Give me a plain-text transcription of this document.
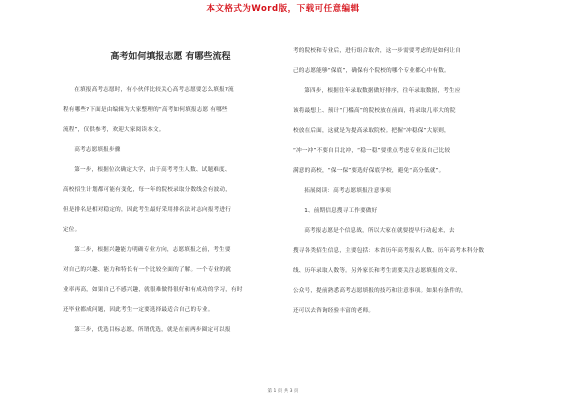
本文格式为Word版，下载可任意编辑
高考如何填报志愿 有哪些流程

在填报高考志愿时，有小伙伴比较关心高考志愿要怎么填报?流

程有哪些?下面是由编辑为大家整理的“高考如何填报志愿 有哪些

流程”，仅供参考，欢迎大家阅读本文。

高考志愿填报步骤

第一步，根据位次确定大学，由于高考考生人数、试题难度、

高校招生计划都可能有变化，每一年的院校录取分数线会有波动，

但是排名是相对稳定的，因此考生最好采用排名法对志向报考进行

定位。

第二步，根据兴趣能力明确专业方向，志愿填报之前，考生要

对自己的兴趣、能力和特长有一个比较全面的了解。一个专业的就

业率再高，如果自己不感兴趣，就很难做得很好和有成功的学习，有时

还毕业都成问题，因此考生一定要选择最适合自己的专业。

第三步，优选目标志愿，所谓优选，就是在前两步圈定可以报

考的院校和专业后，进行组合取舍，这一步需要考虑的是如何让自

己的志愿能够“保底”，确保有个院校的哪个专业都心中有数。

第四步，根据往年录取数据做好排序，往年录取数据，考生应

该将最想上、预计“门槛高”的院校放在前面，将录取几率大的院

校放在后面，这就是为提高录取院校。把握“冲稳保”大原则，

“冲一冲”不要自目北冲，“稳一稳”要重点考虑专业及自己比较

满意的高校，“保一保”要选好保底学校，避免“高分低就”。

拓展阅读：高考志愿填报注意事项

1、前期信息搜寻工作要做好

高考报志愿是个信息战，所以大家在就要提早行动起来，去

搜寻各类招生信息，主要包括：本省历年高考报名人数、历年高考本科分数

线、历年录取人数等。另外家长和考生需要关注志愿填报的文章、

公众号，提前熟悉高考志愿填报的技巧和注意事项。如果有条件的，

还可以去咨询经验丰富的老师。

第 1 页 共 3 页
